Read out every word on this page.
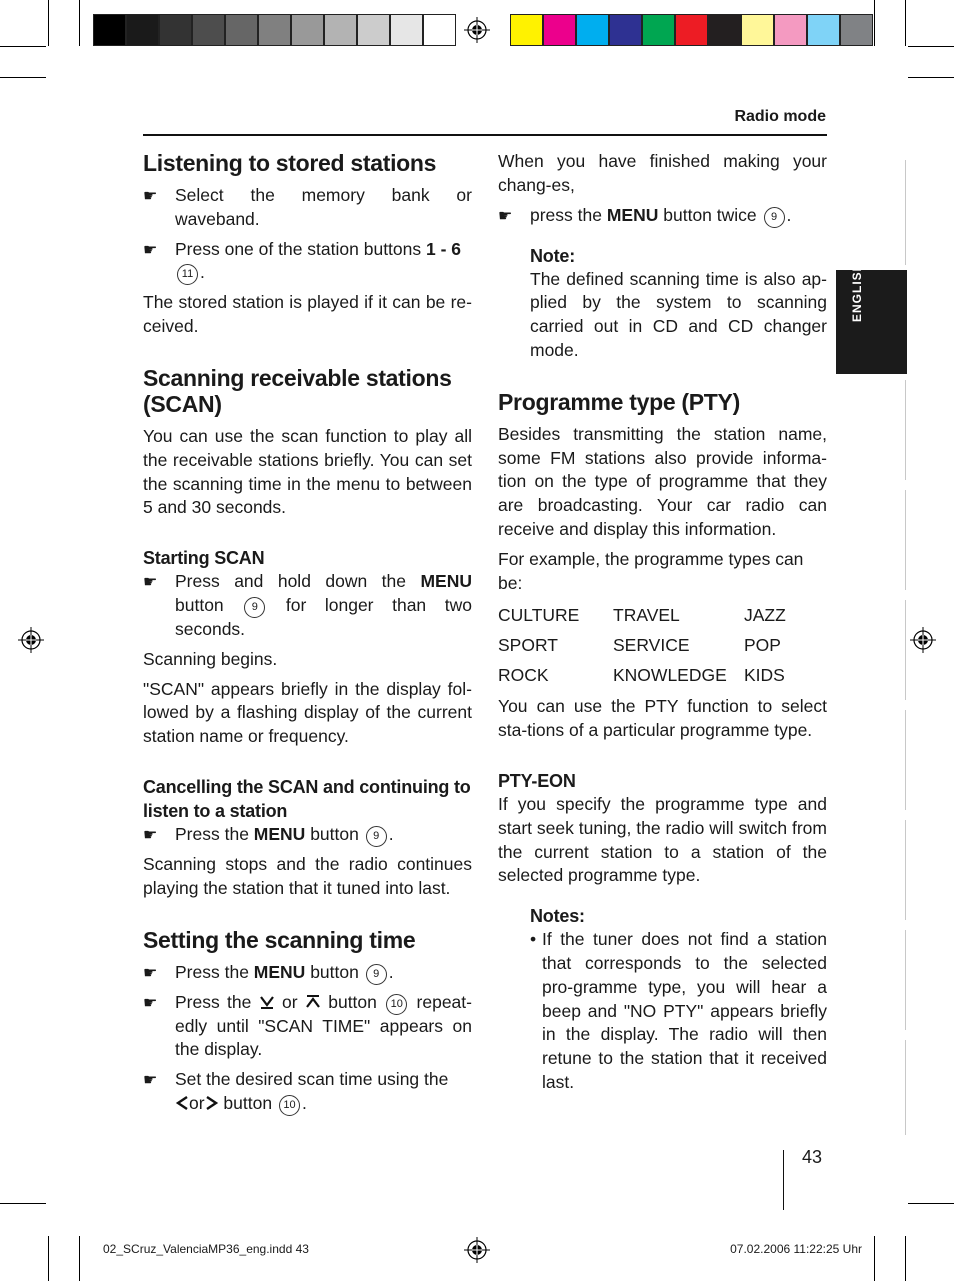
Radio mode
ENGLISH
Listening to stored stations
☛ Select the memory bank or waveband.
☛ Press one of the station buttons 1 - 6
11 .

The stored station is played if it can be re-ceived.

Scanning receivable stations (SCAN)

You can use the scan function to play all the receivable stations briefly. You can set the scanning time in the menu to between 5 and 30 seconds.

Starting SCAN
☛ Press and hold down the MENU button 9 for longer than two seconds.

Scanning begins.

"SCAN" appears briefly in the display fol-lowed by a flashing display of the current station name or frequency.

Cancelling the SCAN and continuing to listen to a station
☛ Press the MENU button 9 .

Scanning stops and the radio continues playing the station that it tuned into last.

Setting the scanning time
☛ Press the MENU button 9 .
☛ Press the  or  button 10 repeat-edly until "SCAN TIME" appears on the display.
☛ Set the desired scan time using the
or button 10 .

When you have finished making your chang-es,

☛ press the MENU button twice 9 .
Note:

The defined scanning time is also ap-plied by the system to scanning carried out in CD and CD changer mode.

Programme type (PTY)

Besides transmitting the station name, some FM stations also provide informa-tion on the type of programme that they are broadcasting. Your car radio can receive and display this information.

For example, the programme types can be:

CULTURE	TRAVEL	JAZZ
SPORT	SERVICE	POP
ROCK	KNOWLEDGE	KIDS

You can use the PTY function to select sta-tions of a particular programme type.

PTY-EON

If you specify the programme type and start seek tuning, the radio will switch from the current station to a station of the selected programme type.

Notes:
• If the tuner does not find a station that corresponds to the selected pro-gramme type, you will hear a beep and "NO PTY" appears briefly in the display. The radio will then retune to the station that it received last.
43
02_SCruz_ValenciaMP36_eng.indd 43	07.02.2006 11:22:25 Uhr
